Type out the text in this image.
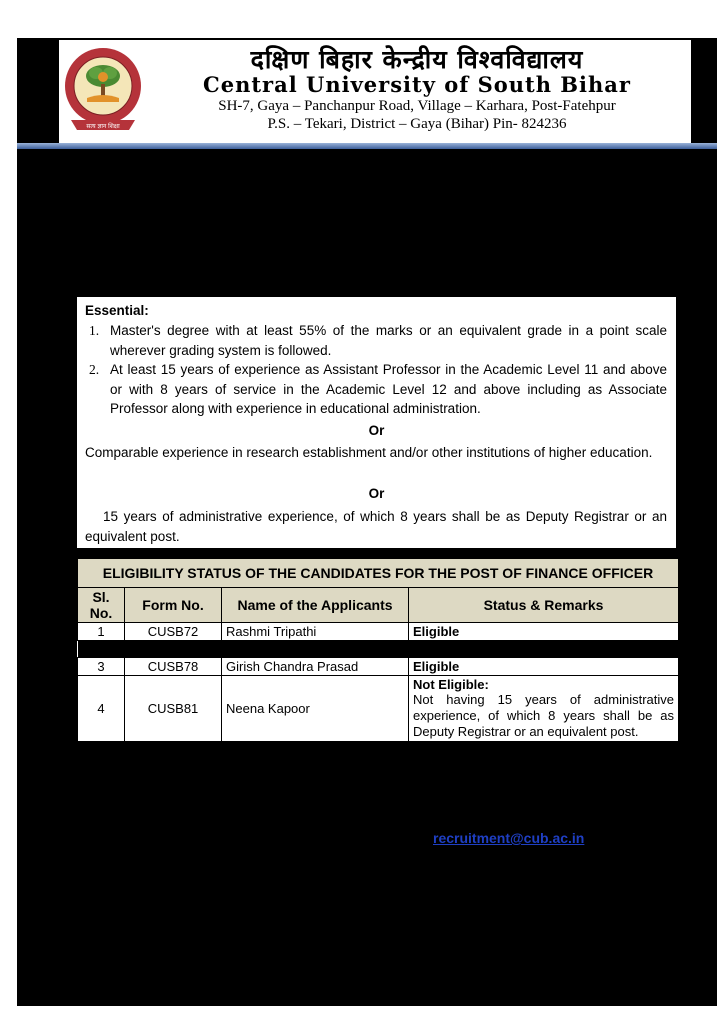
सत्य ज्ञान शिक्षा
दक्षिण बिहार केन्द्रीय विश्वविद्यालय
Central University of South Bihar
SH-7, Gaya – Panchanpur Road, Village – Karhara, Post-Fatehpur
P.S. – Tekari, District – Gaya (Bihar) Pin- 824236
Essential:
1. Master's degree with at least 55% of the marks or an equivalent grade in a point scale wherever grading system is followed.
2. At least 15 years of experience as Assistant Professor in the Academic Level 11 and above or with 8 years of service in the Academic Level 12 and above including as Associate Professor along with experience in educational administration.
Or
Comparable experience in research establishment and/or other institutions of higher education.
Or
15 years of administrative experience, of which 8 years shall be as Deputy Registrar or an equivalent post.
ELIGIBILITY STATUS OF THE CANDIDATES FOR THE POST OF FINANCE OFFICER			
Sl. No.	Form No.	Name of the Applicants	Status & Remarks
1	CUSB72	Rashmi Tripathi	Eligible

3	CUSB78	Girish Chandra Prasad	Eligible
4	CUSB81	Neena Kapoor	Not Eligible:
Not having 15 years of administrative experience, of which 8 years shall be as Deputy Registrar or an equivalent post.
recruitment@cub.ac.in
